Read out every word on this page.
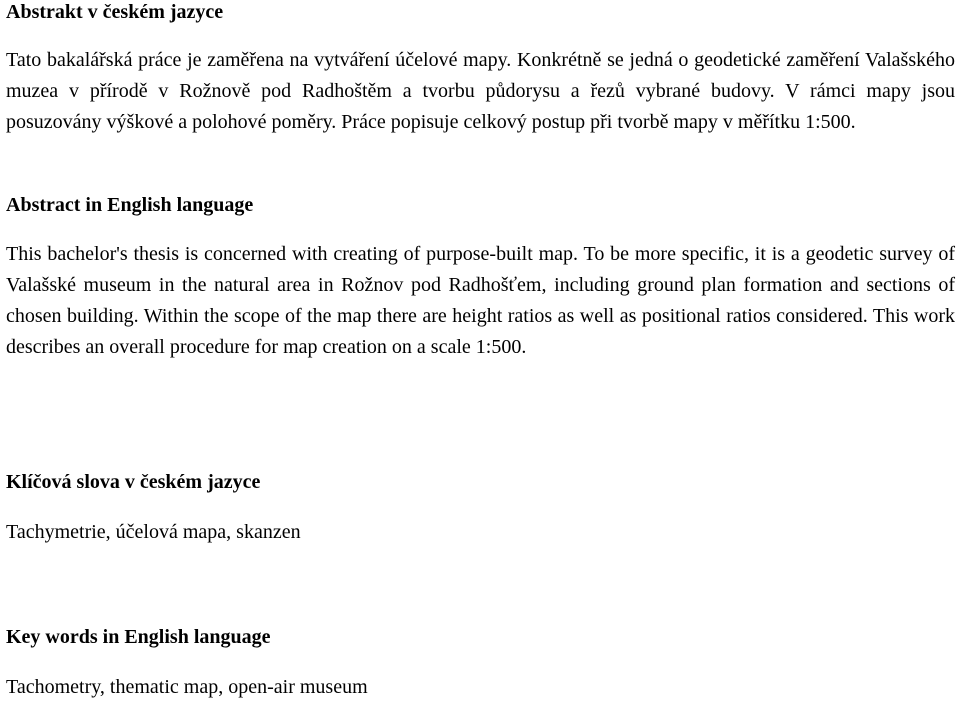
Abstrakt v českém jazyce

Tato bakalářská práce je zaměřena na vytváření účelové mapy. Konkrétně se jedná o geodetické zaměření Valašského muzea v přírodě v Rožnově pod Radhoštěm a tvorbu půdorysu a řezů vybrané budovy. V rámci mapy jsou posuzovány výškové a polohové poměry. Práce popisuje celkový postup při tvorbě mapy v měřítku 1:500.

Abstract in English language

This bachelor's thesis is concerned with creating of purpose-built map. To be more specific, it is a geodetic survey of Valašské museum in the natural area in Rožnov pod Radhošťem, including ground plan formation and sections of chosen building. Within the scope of the map there are height ratios as well as positional ratios considered. This work describes an overall procedure for map creation on a scale 1:500.

Klíčová slova v českém jazyce

Tachymetrie, účelová mapa, skanzen

Key words in English language

Tachometry, thematic map, open-air museum
